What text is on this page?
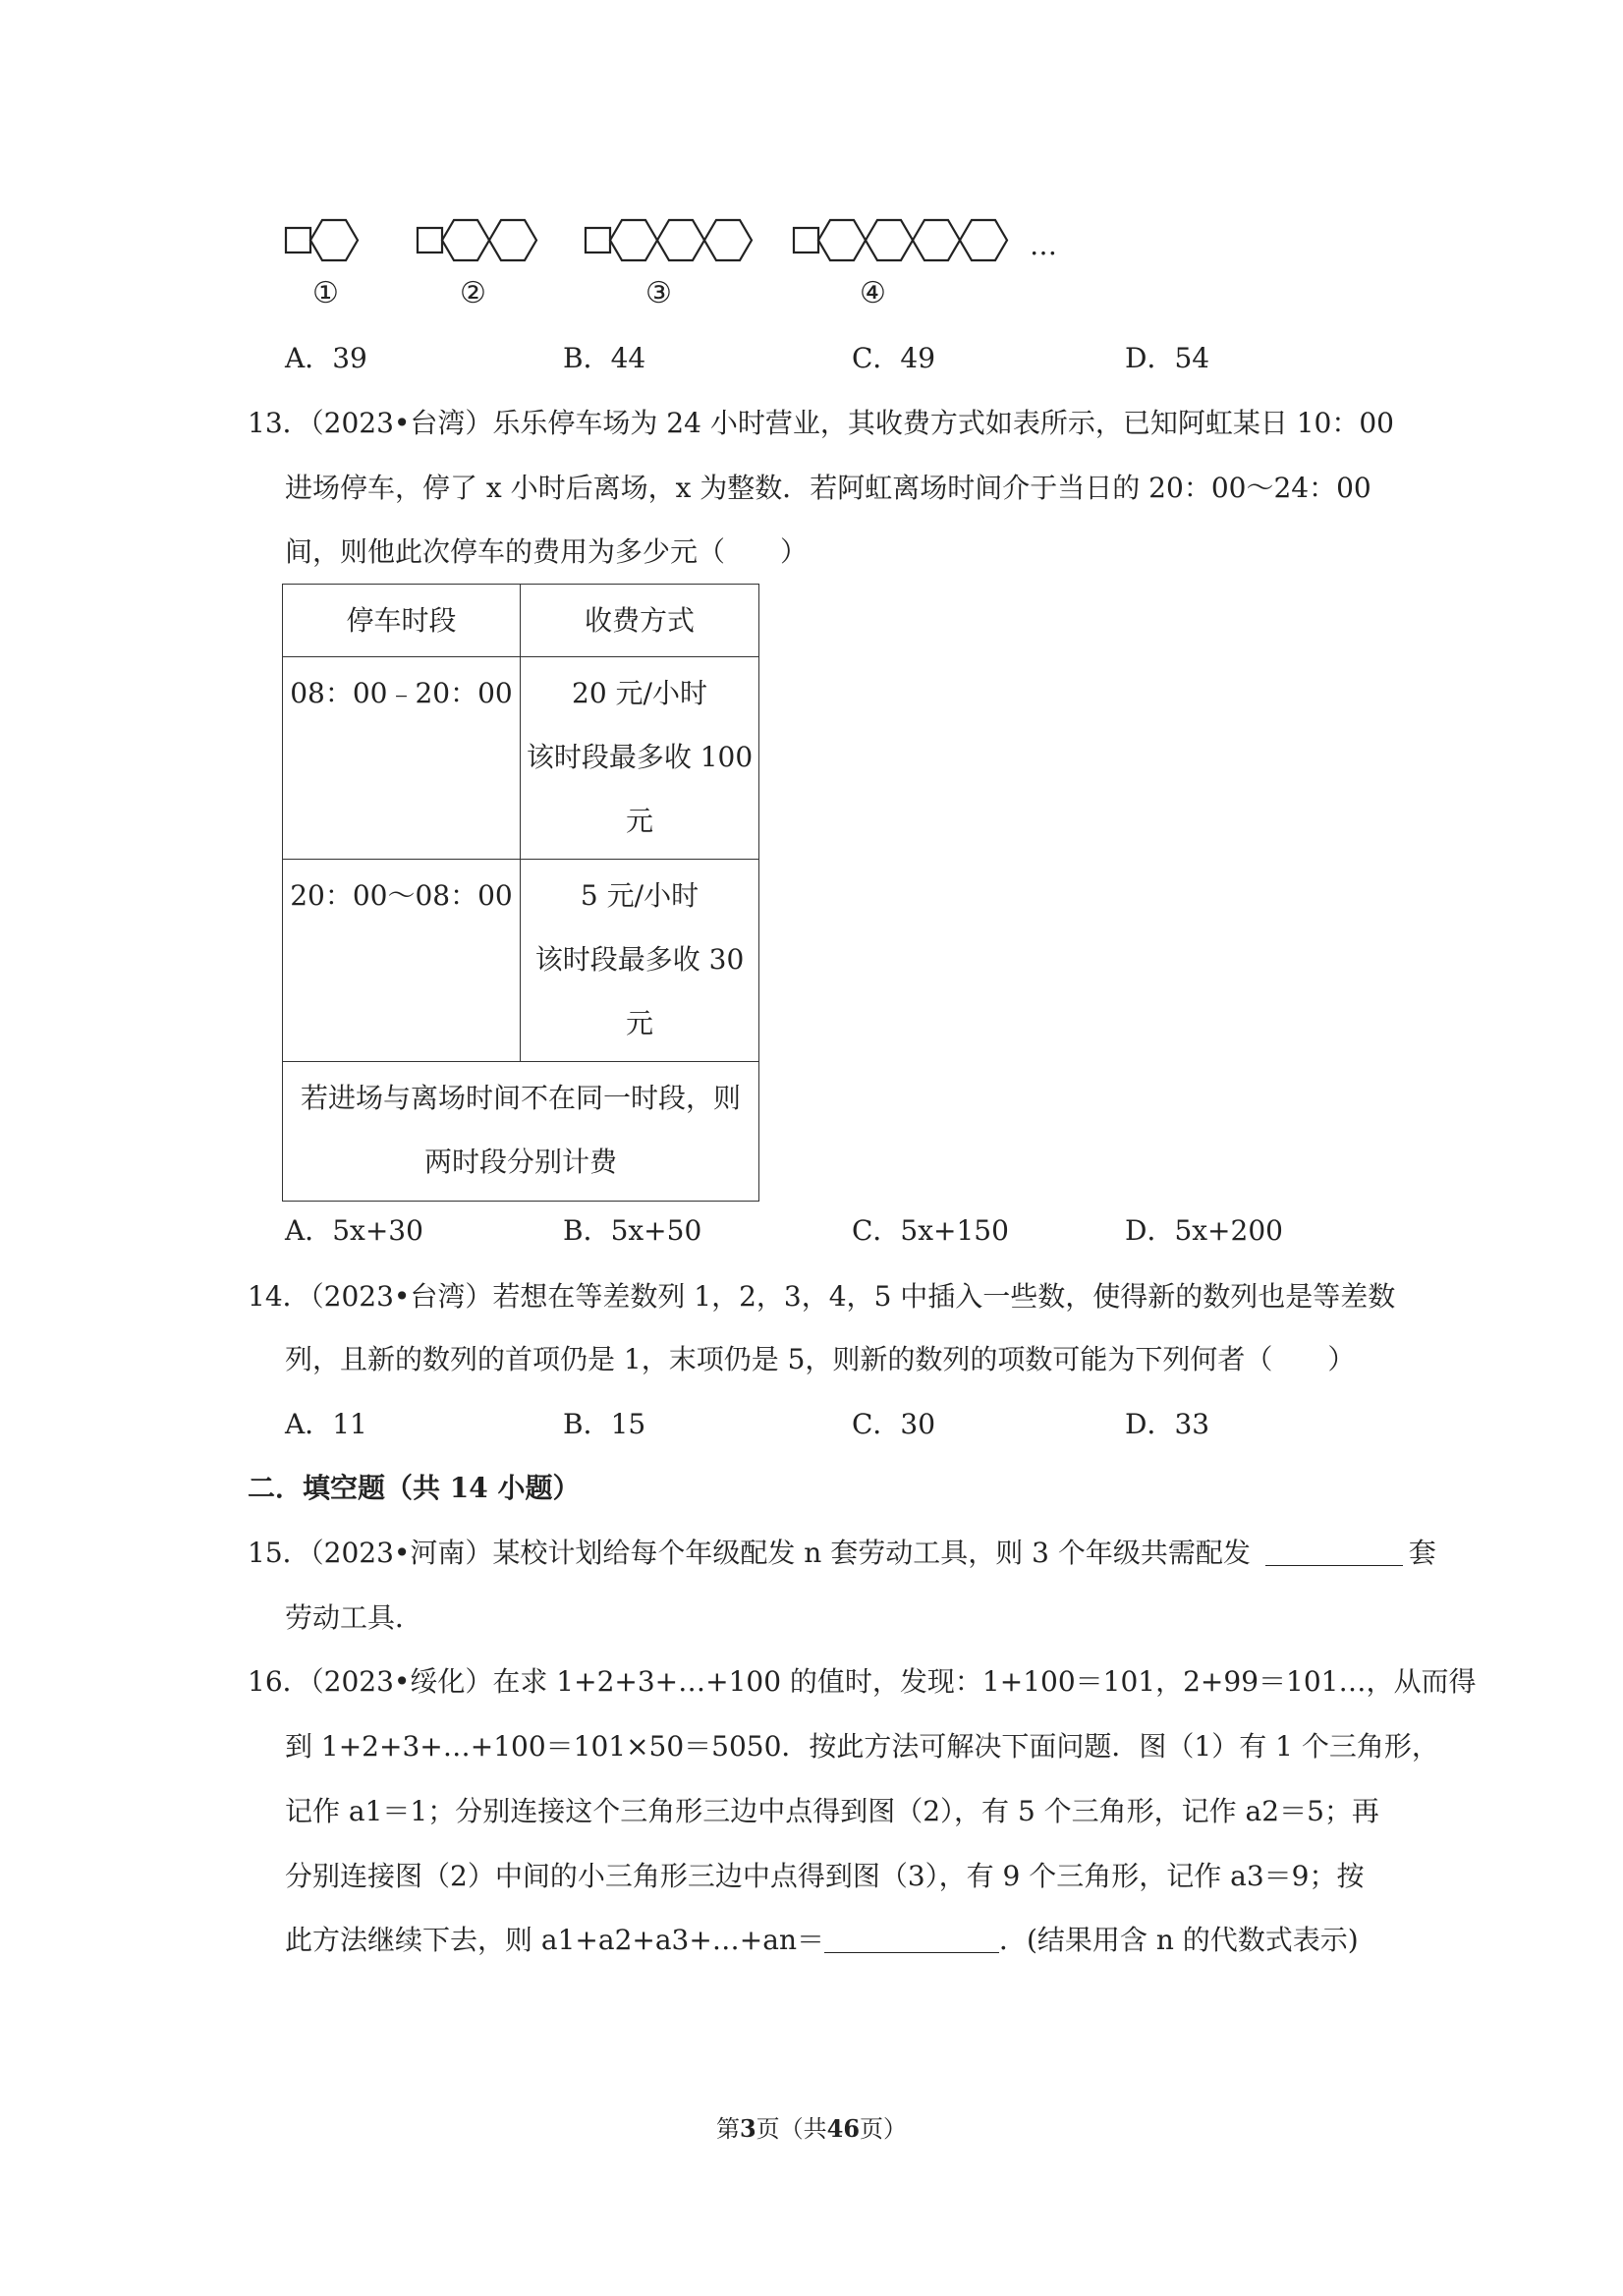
①	②	③	④
…
A．39	B．44	C．49	D．54
13．（2023•台湾）乐乐停车场为 24 小时营业，其收费方式如表所示，已知阿虹某日 10：00
进场停车，停了 x 小时后离场，x 为整数．若阿虹离场时间介于当日的 20：00～24：00
间，则他此次停车的费用为多少元（　　）
停车时段	收费方式
08：00﹣20：00	20 元/小时
该时段最多收 100
元

20：00～08：00	5 元/小时
该时段最多收 30
元

若进场与离场时间不在同一时段，则
两时段分别计费	
A．5x+30	B．5x+50	C．5x+150	D．5x+200
14．（2023•台湾）若想在等差数列 1，2，3，4，5 中插入一些数，使得新的数列也是等差数
列，且新的数列的首项仍是 1，末项仍是 5，则新的数列的项数可能为下列何者（　　）
A．11	B．15	C．30	D．33
二．填空题（共 14 小题）
15．（2023•河南）某校计划给每个年级配发 n 套劳动工具，则 3 个年级共需配发	套
劳动工具．
16．（2023•绥化）在求 1+2+3+…+100 的值时，发现：1+100＝101，2+99＝101…，从而得
到 1+2+3+…+100＝101×50＝5050．按此方法可解决下面问题．图（1）有 1 个三角形，
记作 a1＝1；分别连接这个三角形三边中点得到图（2），有 5 个三角形，记作 a2＝5；再
分别连接图（2）中间的小三角形三边中点得到图（3），有 9 个三角形，记作 a3＝9；按
此方法继续下去，则 a1+a2+a3+…+an＝	．(结果用含 n 的代数式表示)
第3页（共46页）
